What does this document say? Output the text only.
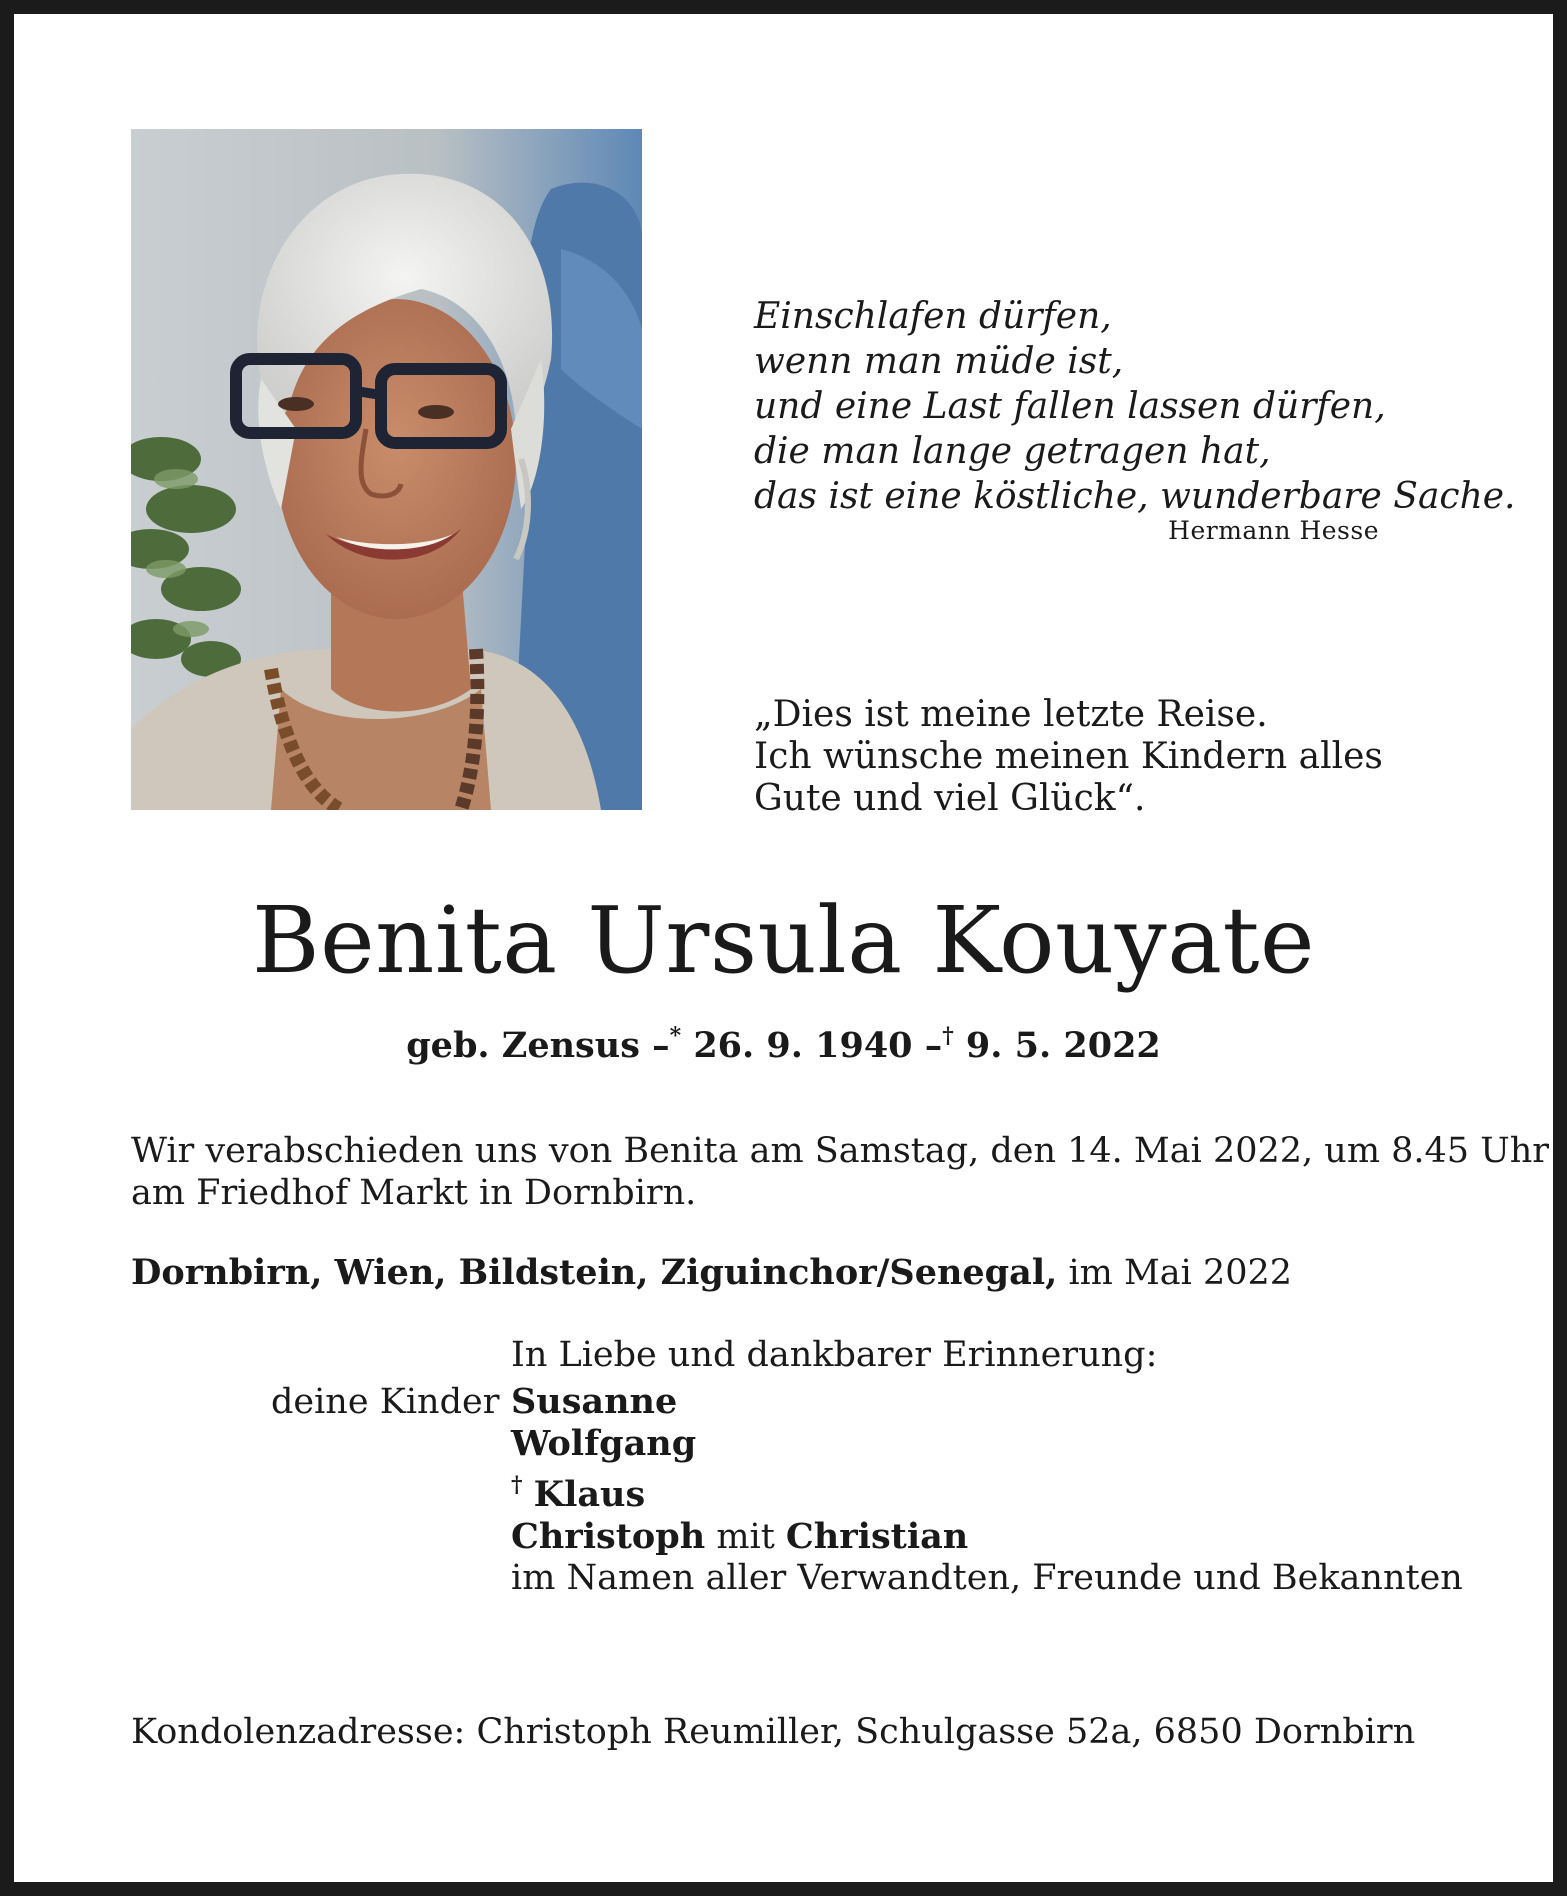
Einschlafen dürfen,
wenn man müde ist,
und eine Last fallen lassen dürfen,
die man lange getragen hat,
das ist eine köstliche, wunderbare Sache.
Hermann Hesse
„Dies ist meine letzte Reise.
Ich wünsche meinen Kindern alles
Gute und viel Glück“.
Benita Ursula Kouyate
geb. Zensus –* 26. 9. 1940 –† 9. 5. 2022
Wir verabschieden uns von Benita am Samstag, den 14. Mai 2022, um 8.45 Uhr
am Friedhof Markt in Dornbirn.
Dornbirn, Wien, Bildstein, Ziguinchor/Senegal, im Mai 2022
In Liebe und dankbarer Erinnerung:
deine Kinder Susanne
Wolfgang
† Klaus
Christoph mit Christian
im Namen aller Verwandten, Freunde und Bekannten
Kondolenzadresse: Christoph Reumiller, Schulgasse 52a, 6850 Dornbirn
